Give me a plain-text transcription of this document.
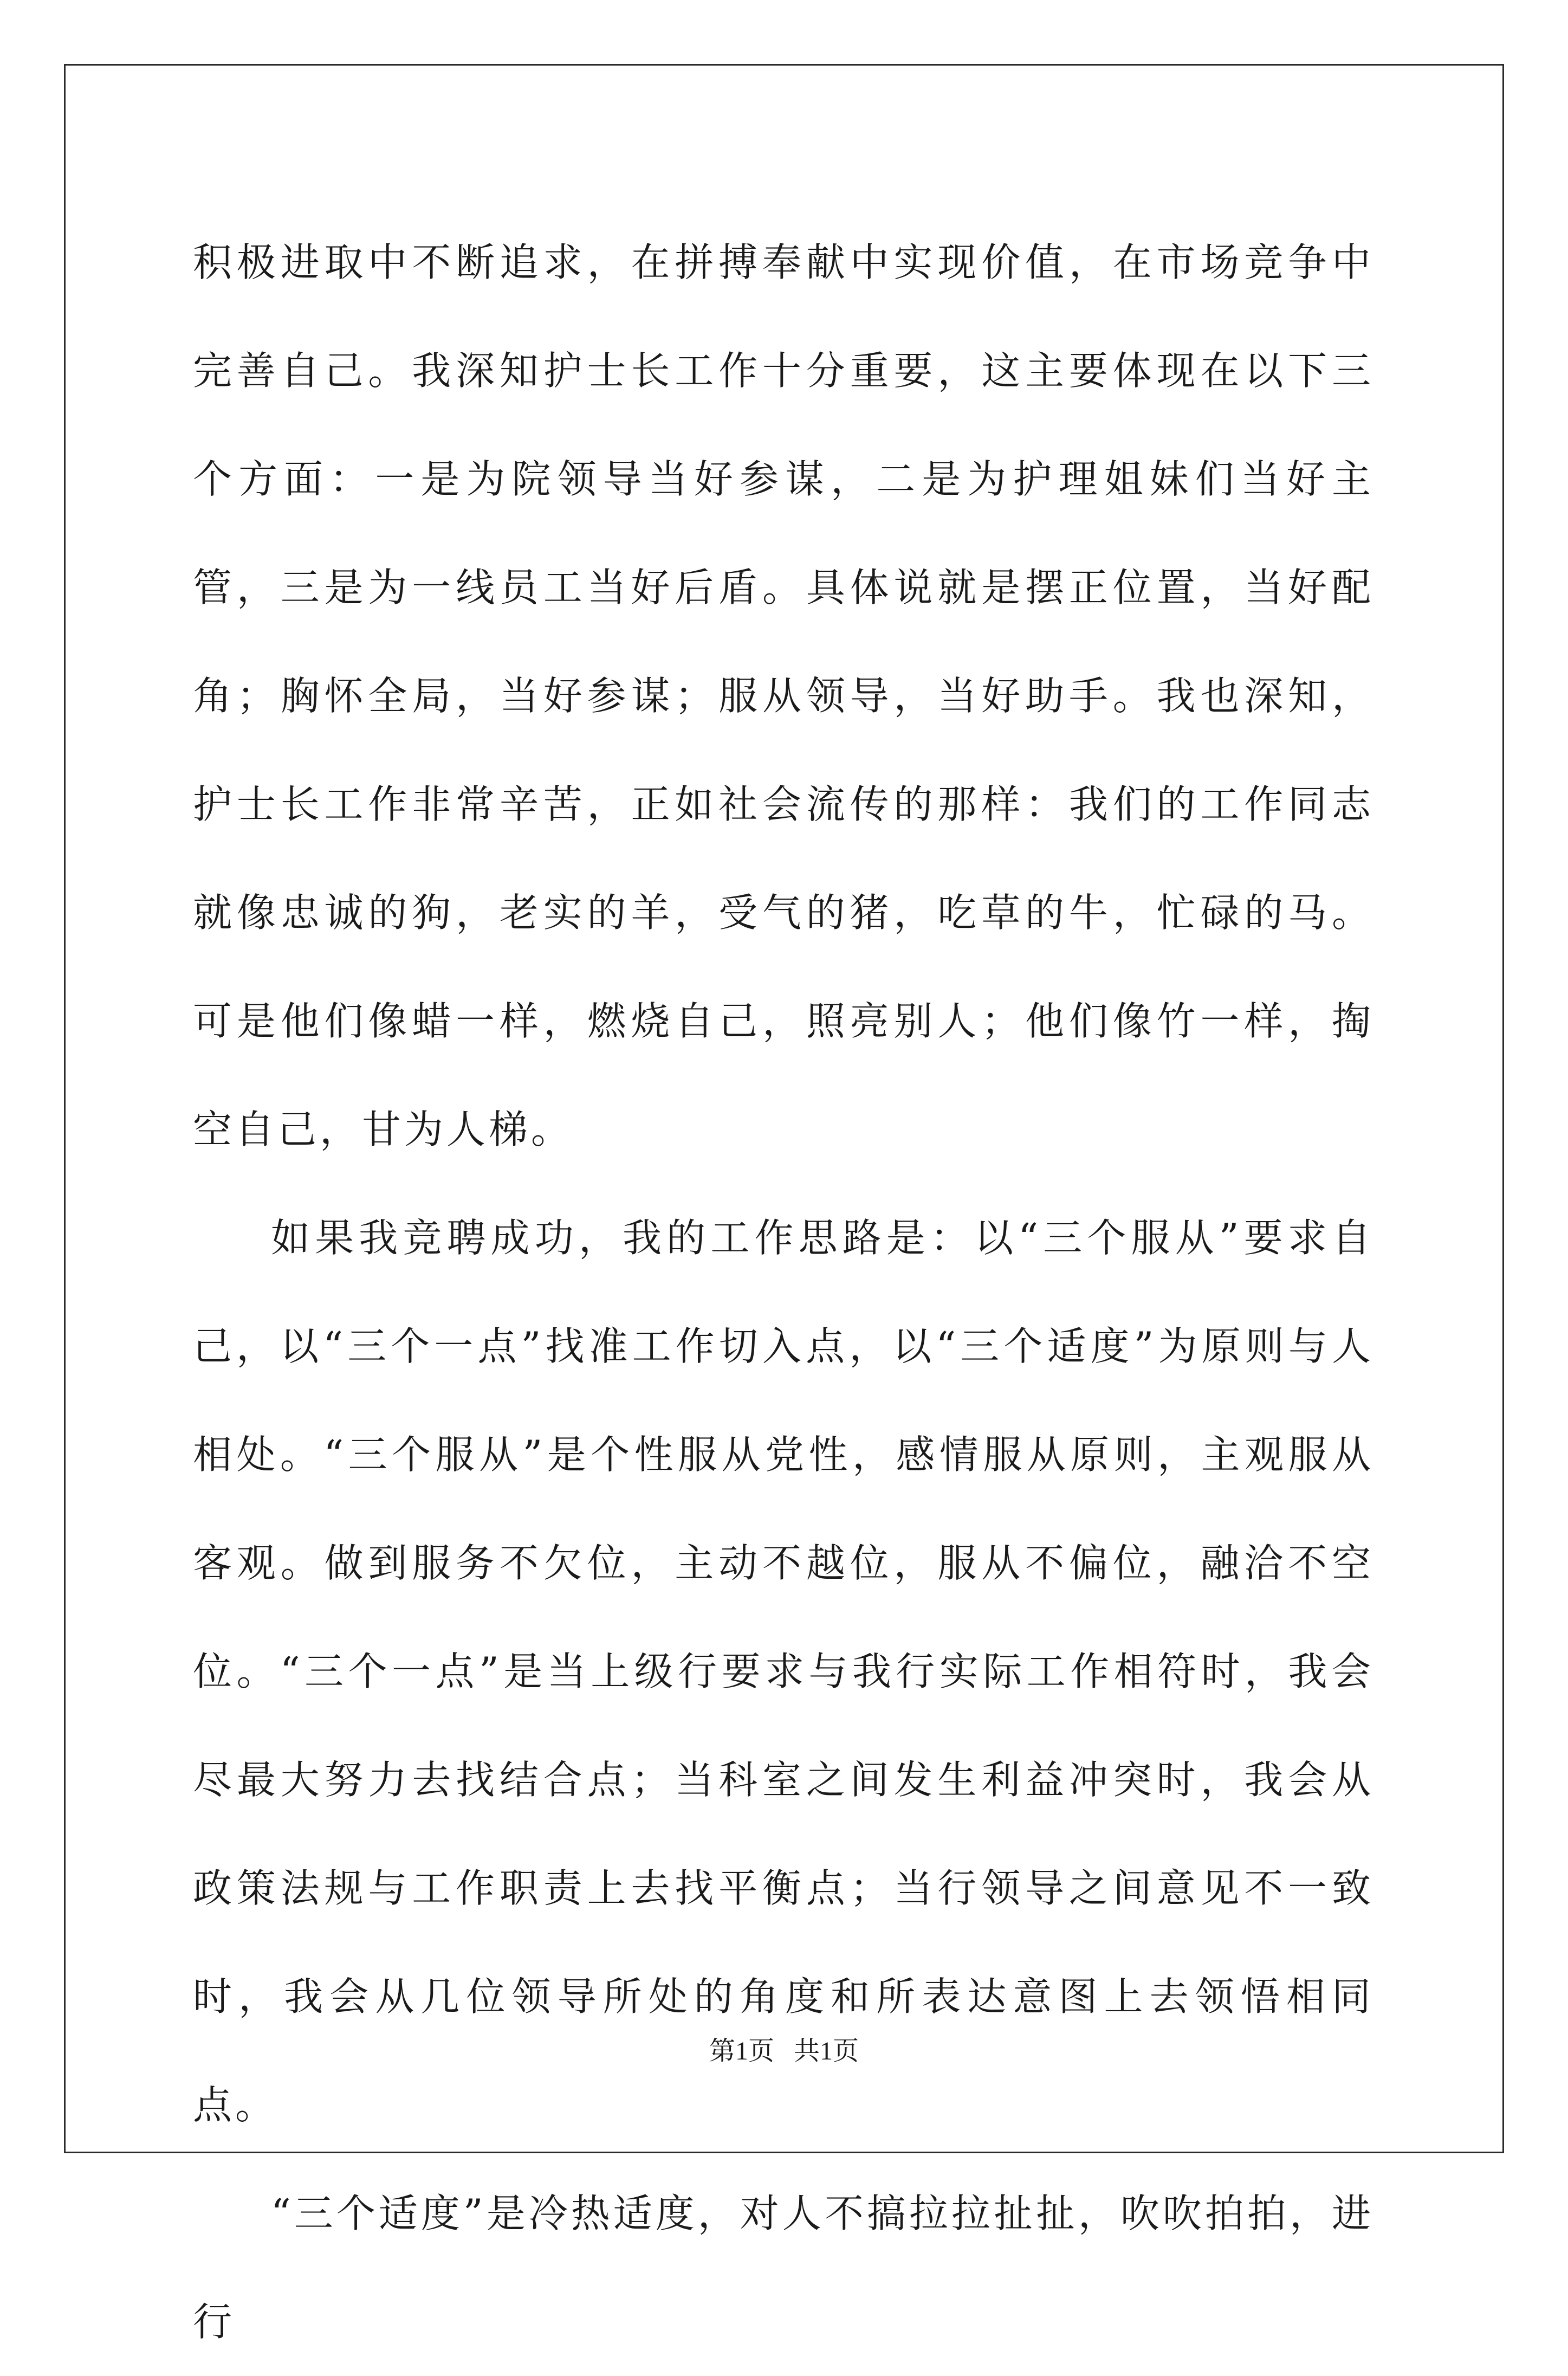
积极进取中不断追求，在拼搏奉献中实现价值，在市场竞争中完善自己。我深知护士长工作十分重要，这主要体现在以下三个方面：一是为院领导当好参谋，二是为护理姐妹们当好主管，三是为一线员工当好后盾。具体说就是摆正位置，当好配角；胸怀全局，当好参谋；服从领导，当好助手。我也深知，护士长工作非常辛苦，正如社会流传的那样：我们的工作同志就像忠诚的狗，老实的羊，受气的猪，吃草的牛，忙碌的马。可是他们像蜡一样，燃烧自己，照亮别人；他们像竹一样，掏空自己，甘为人梯。

如果我竞聘成功，我的工作思路是：以“三个服从”要求自己，以“三个一点”找准工作切入点，以“三个适度”为原则与人相处。“三个服从”是个性服从党性，感情服从原则，主观服从客观。做到服务不欠位，主动不越位，服从不偏位，融洽不空位。“三个一点”是当上级行要求与我行实际工作相符时，我会尽最大努力去找结合点；当科室之间发生利益冲突时，我会从政策法规与工作职责上去找平衡点；当行领导之间意见不一致时，我会从几位领导所处的角度和所表达意图上去领悟相同点。

“三个适度”是冷热适度，对人不搞拉拉扯扯，吹吹拍拍，进行

第1页   共1页
